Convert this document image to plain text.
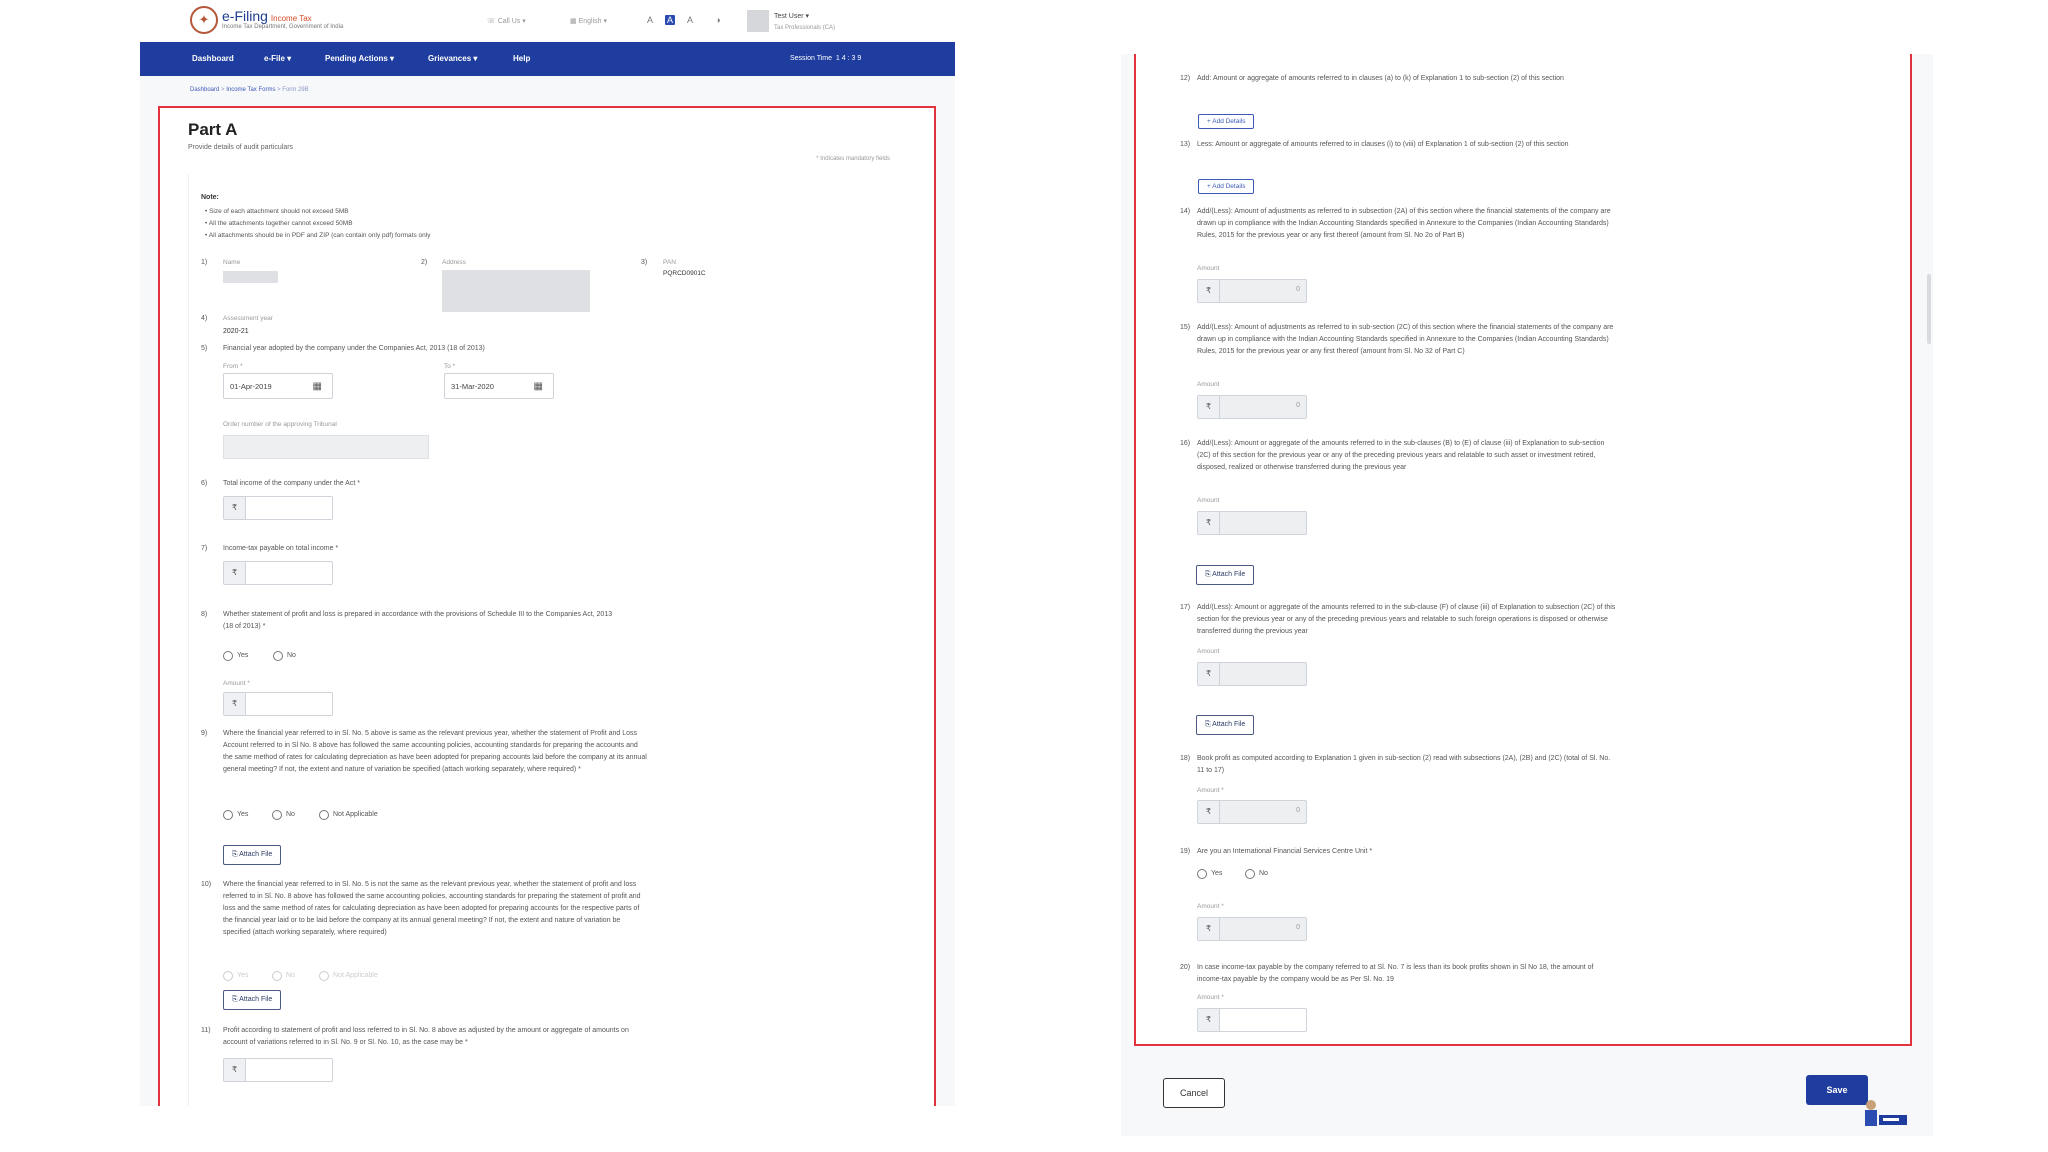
✦ e-Filing Income Tax
Income Tax Department, Government of India
☏ Call Us ▾	▦ English ▾	A A A ◑	Test User ▾
Tax Professionals (CA)
Dashboard	e-File ▾	Pending Actions ▾	Grievances ▾	Help	Session Time 1 4 : 3 9
Dashboard > Income Tax Forms > Form 29B
Part A
Provide details of audit particulars
* Indicates mandatory fields
Note:
• Size of each attachment should not exceed 5MB
• All the attachments together cannot exceed 50MB
• All attachments should be in PDF and ZIP (can contain only pdf) formats only
1) Name	2) Address	3) PAN
PQRCD0901C
4) Assessment year
2020-21
5) Financial year adopted by the company under the Companies Act, 2013 (18 of 2013)
From *
01-Apr-2019	▦
To *
31-Mar-2020	▦
Order number of the approving Tribunal
6) Total income of the company under the Act *
₹
7) Income-tax payable on total income *
₹
8) Whether statement of profit and loss is prepared in accordance with the provisions of Schedule III to the Companies Act, 2013 (18 of 2013) *
Yes	No
Amount *
₹
9) Where the financial year referred to in Sl. No. 5 above is same as the relevant previous year, whether the statement of Profit and Loss Account referred to in Sl No. 8 above has followed the same accounting policies, accounting standards for preparing the accounts and the same method of rates for calculating depreciation as have been adopted for preparing accounts laid before the company at its annual general meeting? If not, the extent and nature of variation be specified (attach working separately, where required) *
Yes	No	Not Applicable
⎘ Attach File
10) Where the financial year referred to in Sl. No. 5 is not the same as the relevant previous year, whether the statement of profit and loss referred to in Sl. No. 8 above has followed the same accounting policies, accounting standards for preparing the statement of profit and loss and the same method of rates for calculating depreciation as have been adopted for preparing accounts for the respective parts of the financial year laid or to be laid before the company at its annual general meeting? If not, the extent and nature of variation be specified (attach working separately, where required)
Yes	No	Not Applicable
⎘ Attach File
11) Profit according to statement of profit and loss referred to in Sl. No. 8 above as adjusted by the amount or aggregate of amounts on account of variations referred to in Sl. No. 9 or Sl. No. 10, as the case may be *
₹
12) Add: Amount or aggregate of amounts referred to in clauses (a) to (k) of Explanation 1 to sub-section (2) of this section
+ Add Details
13) Less: Amount or aggregate of amounts referred to in clauses (i) to (viii) of Explanation 1 of sub-section (2) of this section
+ Add Details
14) Add/(Less): Amount of adjustments as referred to in subsection (2A) of this section where the financial statements of the company are drawn up in compliance with the Indian Accounting Standards specified in Annexure to the Companies (Indian Accounting Standards) Rules, 2015 for the previous year or any first thereof (amount from Sl. No 2o of Part B)
Amount
₹	0
15) Add/(Less): Amount of adjustments as referred to in sub-section (2C) of this section where the financial statements of the company are drawn up in compliance with the Indian Accounting Standards specified in Annexure to the Companies (Indian Accounting Standards) Rules, 2015 for the previous year or any first thereof (amount from Sl. No 32 of Part C)
Amount
₹	0
16) Add/(Less): Amount or aggregate of the amounts referred to in the sub-clauses (B) to (E) of clause (iii) of Explanation to sub-section (2C) of this section for the previous year or any of the preceding previous years and relatable to such asset or investment retired, disposed, realized or otherwise transferred during the previous year
Amount
₹
⎘ Attach File
17) Add/(Less): Amount or aggregate of the amounts referred to in the sub-clause (F) of clause (iii) of Explanation to subsection (2C) of this section for the previous year or any of the preceding previous years and relatable to such foreign operations is disposed or otherwise transferred during the previous year
Amount
₹
⎘ Attach File
18) Book profit as computed according to Explanation 1 given in sub-section (2) read with subsections (2A), (2B) and (2C) (total of Sl. No. 11 to 17)
Amount *
₹	0
19) Are you an International Financial Services Centre Unit *
Yes	No
Amount *
₹	0
20) In case income-tax payable by the company referred to at Sl. No. 7 is less than its book profits shown in Sl No 18, the amount of income-tax payable by the company would be as Per Sl. No. 19
Amount *
₹
Cancel	Save
